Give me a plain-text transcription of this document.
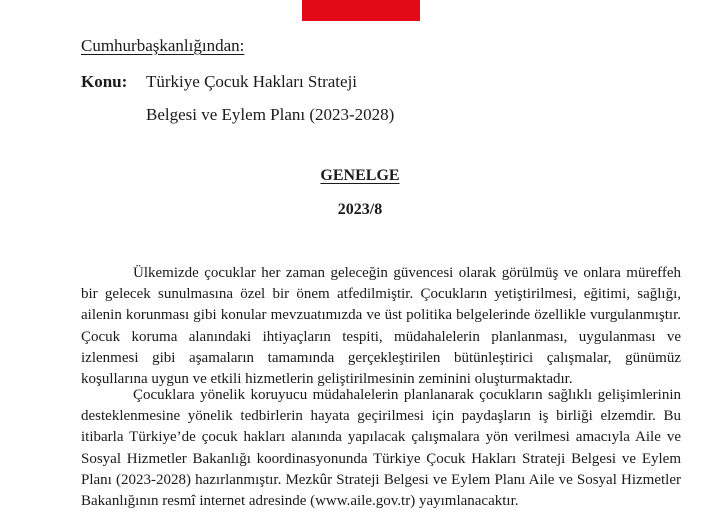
Cumhurbaşkanlığından:
Konu: Türkiye Çocuk Hakları Strateji
Belgesi ve Eylem Planı (2023-2028)
GENELGE
2023/8

Ülkemizde çocuklar her zaman geleceğin güvencesi olarak görülmüş ve onlara müreffeh bir gelecek sunulmasına özel bir önem atfedilmiştir. Çocukların yetiştirilmesi, eğitimi, sağlığı, ailenin korunması gibi konular mevzuatımızda ve üst politika belgelerinde özellikle vurgulanmıştır. Çocuk koruma alanındaki ihtiyaçların tespiti, müdahalelerin planlanması, uygulanması ve izlenmesi gibi aşamaların tamamında gerçekleştirilen bütünleştirici çalışmalar, günümüz koşullarına uygun ve etkili hizmetlerin geliştirilmesinin zeminini oluşturmaktadır.

Çocuklara yönelik koruyucu müdahalelerin planlanarak çocukların sağlıklı gelişimlerinin desteklenmesine yönelik tedbirlerin hayata geçirilmesi için paydaşların iş birliği elzemdir. Bu itibarla Türkiye’de çocuk hakları alanında yapılacak çalışmalara yön verilmesi amacıyla Aile ve Sosyal Hizmetler Bakanlığı koordinasyonunda Türkiye Çocuk Hakları Strateji Belgesi ve Eylem Planı (2023-2028) hazırlanmıştır. Mezkûr Strateji Belgesi ve Eylem Planı Aile ve Sosyal Hizmetler Bakanlığının resmî internet adresinde (www.aile.gov.tr) yayımlanacaktır.
